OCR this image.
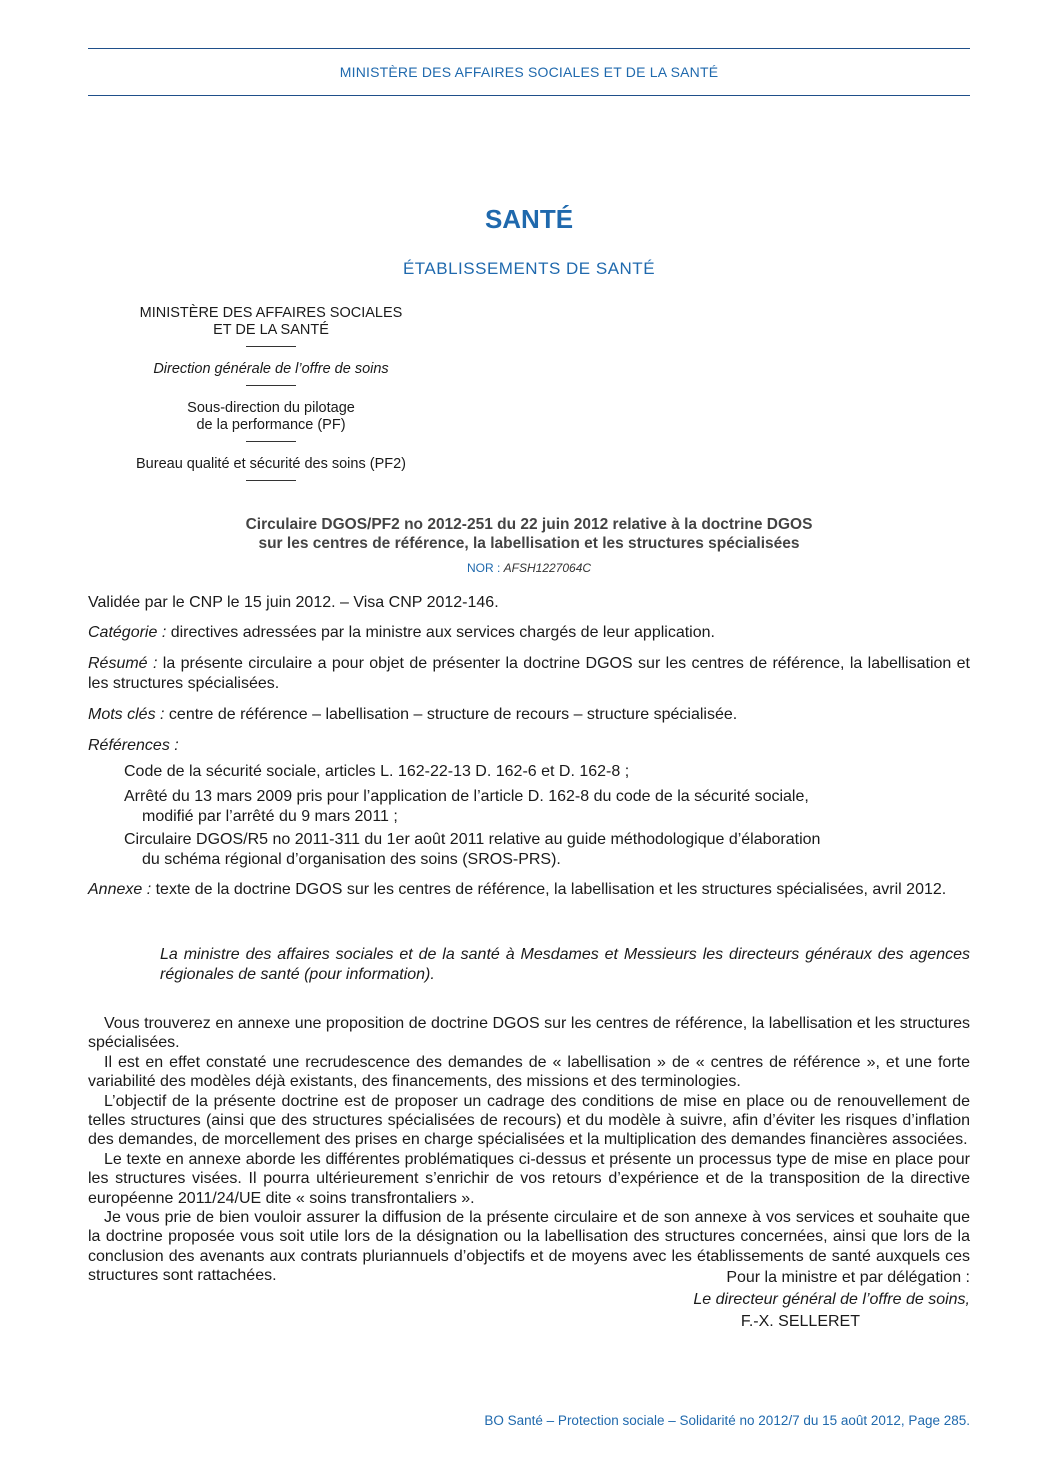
MINISTÈRE DES AFFAIRES SOCIALES ET DE LA SANTÉ
SANTÉ
ÉTABLISSEMENTS DE SANTÉ
MINISTÈRE DES AFFAIRES SOCIALES
ET DE LA SANTÉ
Direction générale de l’offre de soins
Sous-direction du pilotage
de la performance (PF)
Bureau qualité et sécurité des soins (PF2)
Circulaire DGOS/PF2 no 2012-251 du 22 juin 2012 relative à la doctrine DGOS
sur les centres de référence, la labellisation et les structures spécialisées
NOR : AFSH1227064C
Validée par le CNP le 15 juin 2012. – Visa CNP 2012-146.
Catégorie : directives adressées par la ministre aux services chargés de leur application.
Résumé : la présente circulaire a pour objet de présenter la doctrine DGOS sur les centres de référence, la labellisation et les structures spécialisées.
Mots clés : centre de référence – labellisation – structure de recours – structure spécialisée.
Références :
Code de la sécurité sociale, articles L. 162-22-13 D. 162-6 et D. 162-8 ;
Arrêté du 13 mars 2009 pris pour l’application de l’article D. 162-8 du code de la sécurité sociale,
modifié par l’arrêté du 9 mars 2011 ;
Circulaire DGOS/R5 no 2011-311 du 1er août 2011 relative au guide méthodologique d’élaboration
du schéma régional d’organisation des soins (SROS-PRS).
Annexe : texte de la doctrine DGOS sur les centres de référence, la labellisation et les structures spécialisées, avril 2012.
La ministre des affaires sociales et de la santé à Mesdames et Messieurs les directeurs généraux des agences régionales de santé (pour information).

Vous trouverez en annexe une proposition de doctrine DGOS sur les centres de référence, la labellisation et les structures spécialisées.

Il est en effet constaté une recrudescence des demandes de « labellisation » de « centres de référence », et une forte variabilité des modèles déjà existants, des financements, des missions et des terminologies.

L’objectif de la présente doctrine est de proposer un cadrage des conditions de mise en place ou de renouvellement de telles structures (ainsi que des structures spécialisées de recours) et du modèle à suivre, afin d’éviter les risques d’inflation des demandes, de morcellement des prises en charge spécialisées et la multiplication des demandes financières associées.

Le texte en annexe aborde les différentes problématiques ci-dessus et présente un processus type de mise en place pour les structures visées. Il pourra ultérieurement s’enrichir de vos retours d’expérience et de la transposition de la directive européenne 2011/24/UE dite « soins transfrontaliers ».

Je vous prie de bien vouloir assurer la diffusion de la présente circulaire et de son annexe à vos services et souhaite que la doctrine proposée vous soit utile lors de la désignation ou la labellisation des structures concernées, ainsi que lors de la conclusion des avenants aux contrats pluriannuels d’objectifs et de moyens avec les établissements de santé auxquels ces structures sont rattachées.	Pour la ministre et par délégation :
Le directeur général de l’offre de soins,
F.-X. SELLERET
BO Santé – Protection sociale – Solidarité no 2012/7 du 15 août 2012, Page 285.
